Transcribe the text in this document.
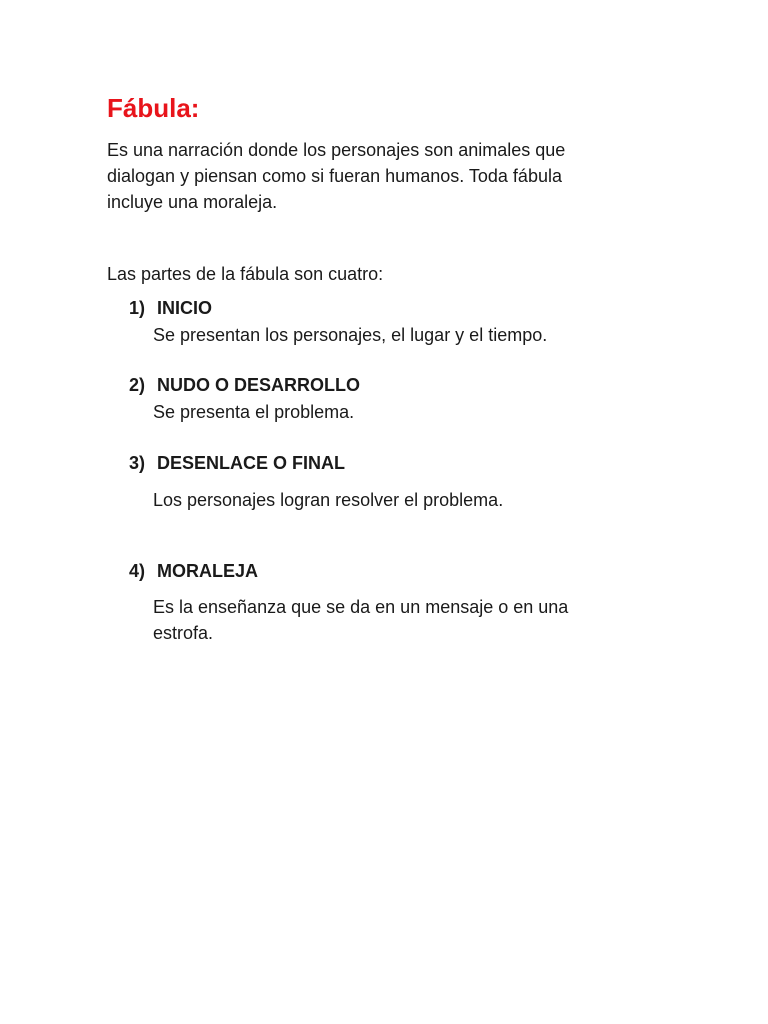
Fábula:
Es una narración donde los personajes son animales que
dialogan y piensan como si fueran humanos. Toda fábula
incluye una moraleja.
Las partes de la fábula son cuatro:
1) INICIO
Se presentan los personajes, el lugar y el tiempo.
2) NUDO O DESARROLLO
Se presenta el problema.
3) DESENLACE O FINAL
Los personajes logran resolver el problema.
4) MORALEJA
Es la enseñanza que se da en un mensaje o en una
estrofa.
